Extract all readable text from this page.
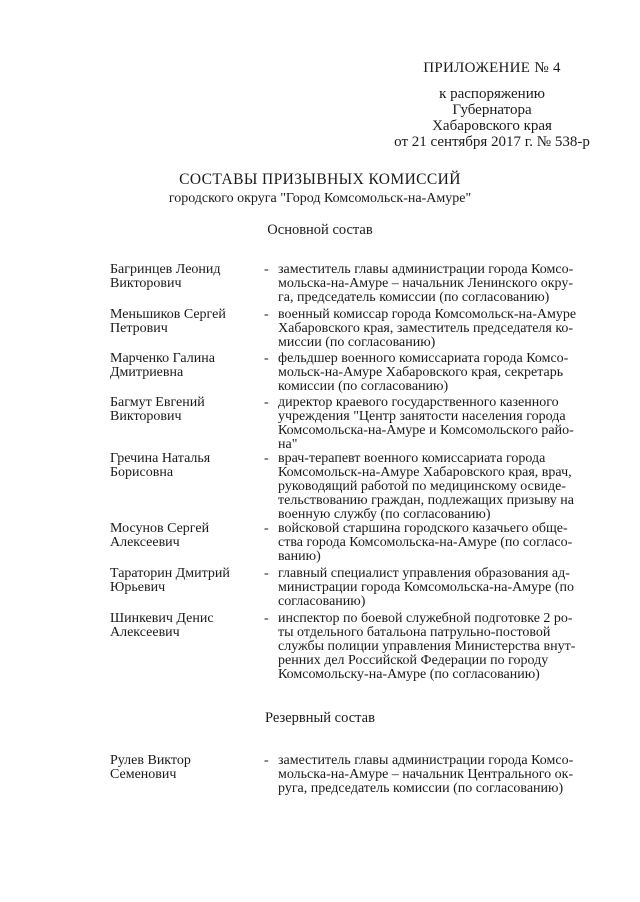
ПРИЛОЖЕНИЕ № 4
к распоряжению
Губернатора
Хабаровского края
от 21 сентября 2017 г. № 538-р
СОСТАВЫ ПРИЗЫВНЫХ КОМИССИЙ
городского округа "Город Комсомольск-на-Амуре"
Основной состав
Багринцев Леонид
Викторович
- заместитель главы администрации города Комсо-
мольска-на-Амуре – начальник Ленинского окру-
га, председатель комиссии (по согласованию)
Меньшиков Сергей
Петрович
- военный комиссар города Комсомольск-на-Амуре
Хабаровского края, заместитель председателя ко-
миссии (по согласованию)
Марченко Галина
Дмитриевна
- фельдшер военного комиссариата города Комсо-
мольск-на-Амуре Хабаровского края, секретарь
комиссии (по согласованию)
Багмут Евгений
Викторович
- директор краевого государственного казенного
учреждения "Центр занятости населения города
Комсомольска-на-Амуре и Комсомольского райо-
на"
Гречина Наталья
Борисовна
- врач-терапевт военного комиссариата города
Комсомольск-на-Амуре Хабаровского края, врач,
руководящий работой по медицинскому освиде-
тельствованию граждан, подлежащих призыву на
военную службу (по согласованию)
Мосунов Сергей
Алексеевич
- войсковой старшина городского казачьего обще-
ства города Комсомольска-на-Амуре (по согласо-
ванию)
Тараторин Дмитрий
Юрьевич
- главный специалист управления образования ад-
министрации города Комсомольска-на-Амуре (по
согласованию)
Шинкевич Денис
Алексеевич
- инспектор по боевой служебной подготовке 2 ро-
ты отдельного батальона патрульно-постовой
службы полиции управления Министерства внут-
ренних дел Российской Федерации по городу
Комсомольску-на-Амуре (по согласованию)
Резервный состав
Рулев Виктор
Семенович
- заместитель главы администрации города Комсо-
мольска-на-Амуре – начальник Центрального ок-
руга, председатель комиссии (по согласованию)
